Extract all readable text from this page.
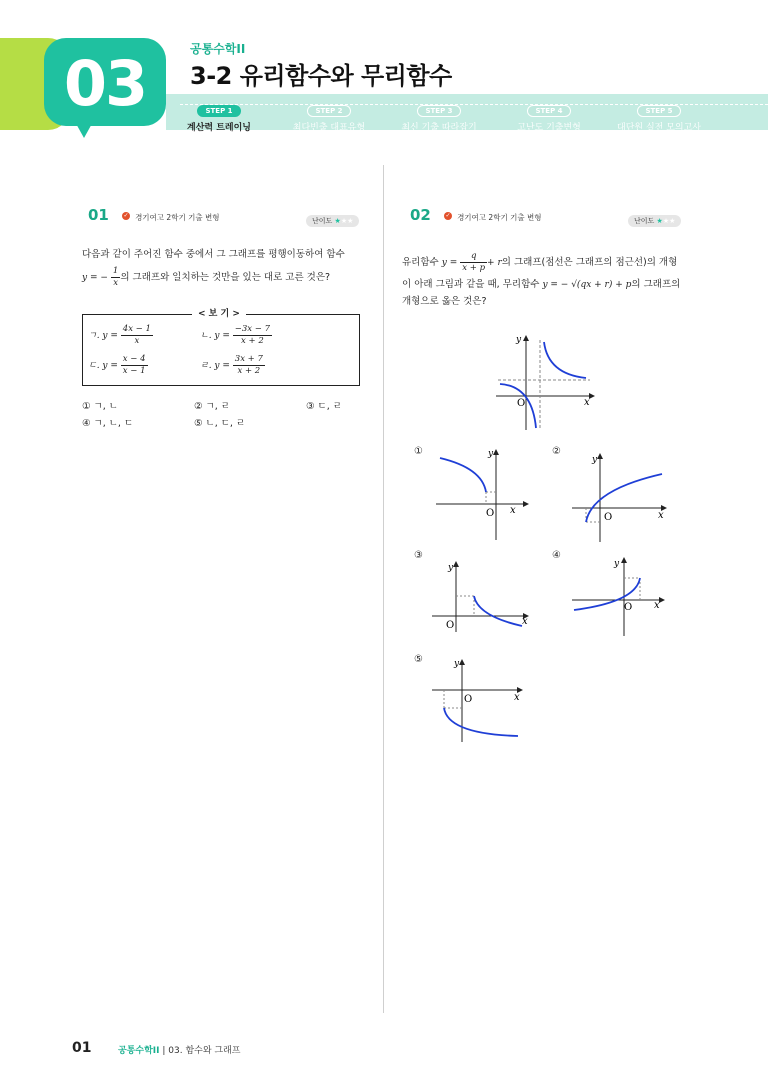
03	공통수학II
3-2 유리함수와 무리함수
STEP 1
계산력 트레이닝
STEP 2
최다빈출 대표유형
STEP 3
최신 기출 따라잡기
STEP 4
고난도 기출변형
STEP 5
대단원 실전 모의고사
01 ✓ 경기여고 2학기 기출 변형	난이도 ★★★
다음과 같이 주어진 함수 중에서 그 그래프를 평행이동하여 함수
y = − $\frac{1}{x}$ 의 그래프와 일치하는 것만을 있는 대로 고른 것은?
< 보 기 >
ㄱ. $y = \frac{4x - 1}{x}$	ㄴ. $y = \frac{-3x - 7}{x + 2}$
ㄷ. $y = \frac{x - 4}{x - 1}$	ㄹ. $y = \frac{3x + 7}{x + 2}$
① ㄱ, ㄴ	② ㄱ, ㄹ	③ ㄷ, ㄹ
④ ㄱ, ㄴ, ㄷ	⑤ ㄴ, ㄷ, ㄹ
02 ✓ 경기여고 2학기 기출 변형	난이도 ★★★
유리함수 $y = \frac{q}{x + p} + r$의 그래프(점선은 그래프의 점근선)의 개형
이 아래 그림과 같을 때, 무리함수 y = − √(qx + r) + p의 그래프의
개형으로 옳은 것은?
O	x
y
①
O x
y	②
O	x
y
③
O	x
y
④
O x
y
⑤
O	x
y
01	공통수학II | 03. 함수와 그래프
